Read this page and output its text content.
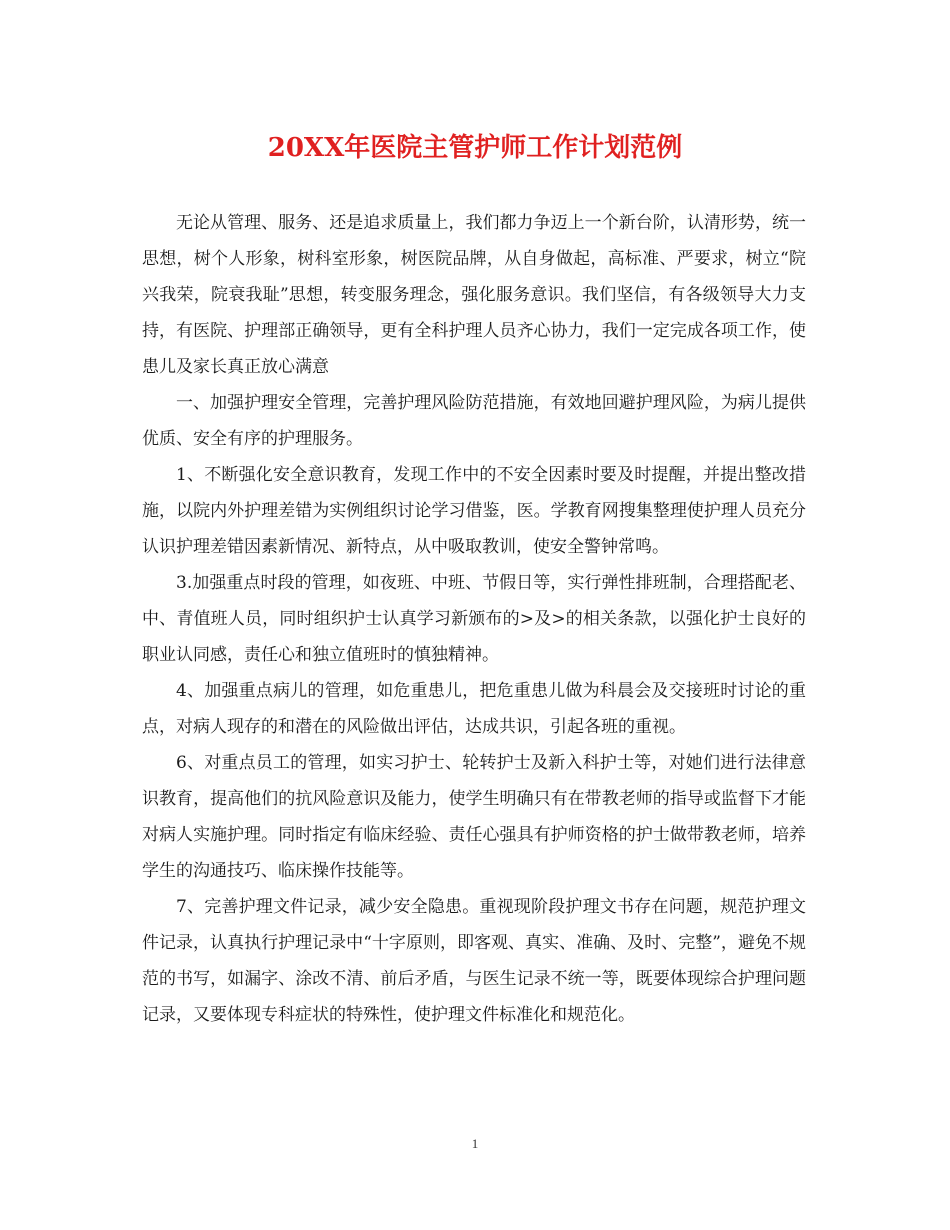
20XX年医院主管护师工作计划范例

无论从管理、服务、还是追求质量上，我们都力争迈上一个新台阶，认清形势，统一思想，树个人形象，树科室形象，树医院品牌，从自身做起，高标准、严要求，树立“院兴我荣，院衰我耻”思想，转变服务理念，强化服务意识。我们坚信，有各级领导大力支持，有医院、护理部正确领导，更有全科护理人员齐心协力，我们一定完成各项工作，使患儿及家长真正放心满意

一、加强护理安全管理，完善护理风险防范措施，有效地回避护理风险，为病儿提供优质、安全有序的护理服务。

1、不断强化安全意识教育，发现工作中的不安全因素时要及时提醒，并提出整改措施，以院内外护理差错为实例组织讨论学习借鉴，医。学教育网搜集整理使护理人员充分认识护理差错因素新情况、新特点，从中吸取教训，使安全警钟常鸣。

3.加强重点时段的管理，如夜班、中班、节假日等，实行弹性排班制，合理搭配老、中、青值班人员，同时组织护士认真学习新颁布的>及>的相关条款，以强化护士良好的职业认同感，责任心和独立值班时的慎独精神。

4、加强重点病儿的管理，如危重患儿，把危重患儿做为科晨会及交接班时讨论的重点，对病人现存的和潜在的风险做出评估，达成共识，引起各班的重视。

6、对重点员工的管理，如实习护士、轮转护士及新入科护士等，对她们进行法律意识教育，提高他们的抗风险意识及能力，使学生明确只有在带教老师的指导或监督下才能对病人实施护理。同时指定有临床经验、责任心强具有护师资格的护士做带教老师，培养学生的沟通技巧、临床操作技能等。

7、完善护理文件记录，减少安全隐患。重视现阶段护理文书存在问题，规范护理文件记录，认真执行护理记录中“十字原则，即客观、真实、准确、及时、完整”，避免不规范的书写，如漏字、涂改不清、前后矛盾，与医生记录不统一等，既要体现综合护理问题记录，又要体现专科症状的特殊性，使护理文件标准化和规范化。

1
